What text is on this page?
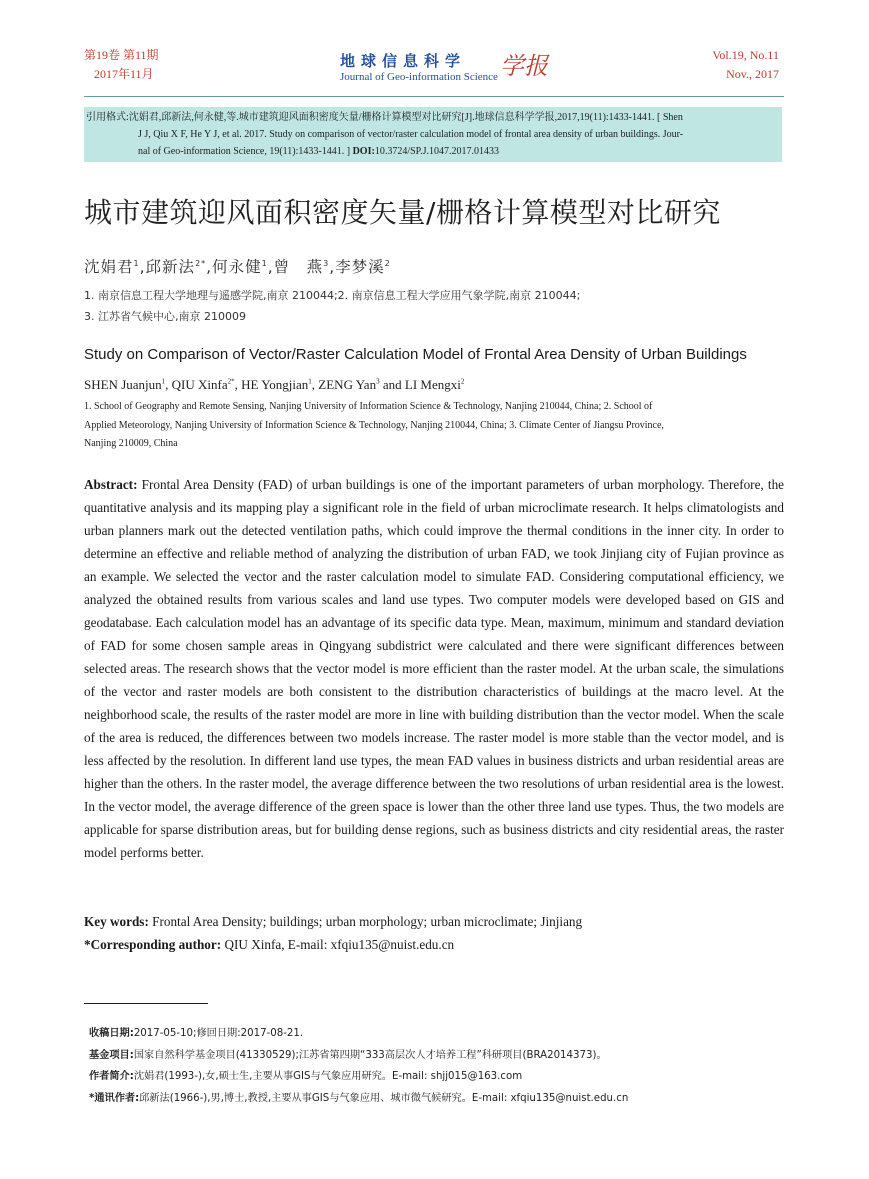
第19卷 第11期
2017年11月
地球信息科学
Journal of Geo-information Science 学报	Vol.19, No.11
Nov., 2017
引用格式:沈娟君,邱新法,何永健,等.城市建筑迎风面积密度矢量/栅格计算模型对比研究[J].地球信息科学学报,2017,19(11):1433-1441. [ Shen
J J, Qiu X F, He Y J, et al. 2017. Study on comparison of vector/raster calculation model of frontal area density of urban buildings. Jour-
nal of Geo-information Science, 19(11):1433-1441. ] DOI:10.3724/SP.J.1047.2017.01433
城市建筑迎风面积密度矢量/栅格计算模型对比研究
沈娟君$^1$,邱新法$^{2*}$,何永健$^1$,曾　燕$^3$,李梦溪$^2$
1. 南京信息工程大学地理与遥感学院,南京 210044;2. 南京信息工程大学应用气象学院,南京 210044;
3. 江苏省气候中心,南京 210009
Study on Comparison of Vector/Raster Calculation Model of Frontal Area Density of Urban Buildings
SHEN Juanjun$^1$, QIU Xinfa$^{2*}$, HE Yongjian$^1$, ZENG Yan$^3$ and LI Mengxi$^2$
1. School of Geography and Remote Sensing, Nanjing University of Information Science & Technology, Nanjing 210044, China; 2. School of
Applied Meteorology, Nanjing University of Information Science & Technology, Nanjing 210044, China; 3. Climate Center of Jiangsu Province,
Nanjing 210009, China
Abstract: Frontal Area Density (FAD) of urban buildings is one of the important parameters of urban morphology. Therefore, the quantitative analysis and its mapping play a significant role in the field of urban microclimate research. It helps climatologists and urban planners mark out the detected ventilation paths, which could improve the thermal conditions in the inner city. In order to determine an effective and reliable method of analyzing the distribution of urban FAD, we took Jinjiang city of Fujian province as an example. We selected the vector and the raster calculation model to simulate FAD. Considering computational efficiency, we analyzed the obtained results from various scales and land use types. Two computer models were developed based on GIS and geodatabase. Each calculation model has an advantage of its specific data type. Mean, maximum, minimum and standard deviation of FAD for some chosen sample areas in Qingyang subdistrict were calculated and there were significant differences between selected areas. The research shows that the vector model is more efficient than the raster model. At the urban scale, the simulations of the vector and raster models are both consistent to the distribution characteristics of buildings at the macro level. At the neighborhood scale, the results of the raster model are more in line with building distribution than the vector model. When the scale of the area is reduced, the differences between two models increase. The raster model is more stable than the vector model, and is less affected by the resolution. In different land use types, the mean FAD values in business districts and urban residential areas are higher than the others. In the raster model, the average difference between the two resolutions of urban residential area is the lowest. In the vector model, the average difference of the green space is lower than the other three land use types. Thus, the two models are applicable for sparse distribution areas, but for building dense regions, such as business districts and city residential areas, the raster model performs better.
Key words: Frontal Area Density; buildings; urban morphology; urban microclimate; Jinjiang
*Corresponding author: QIU Xinfa, E-mail: xfqiu135@nuist.edu.cn
收稿日期:2017-05-10;修回日期:2017-08-21.
基金项目:国家自然科学基金项目(41330529);江苏省第四期“333高层次人才培养工程”科研项目(BRA2014373)。
作者简介:沈娟君(1993-),女,硕士生,主要从事GIS与气象应用研究。E-mail: shjj015@163.com
*通讯作者:邱新法(1966-),男,博士,教授,主要从事GIS与气象应用、城市微气候研究。E-mail: xfqiu135@nuist.edu.cn
